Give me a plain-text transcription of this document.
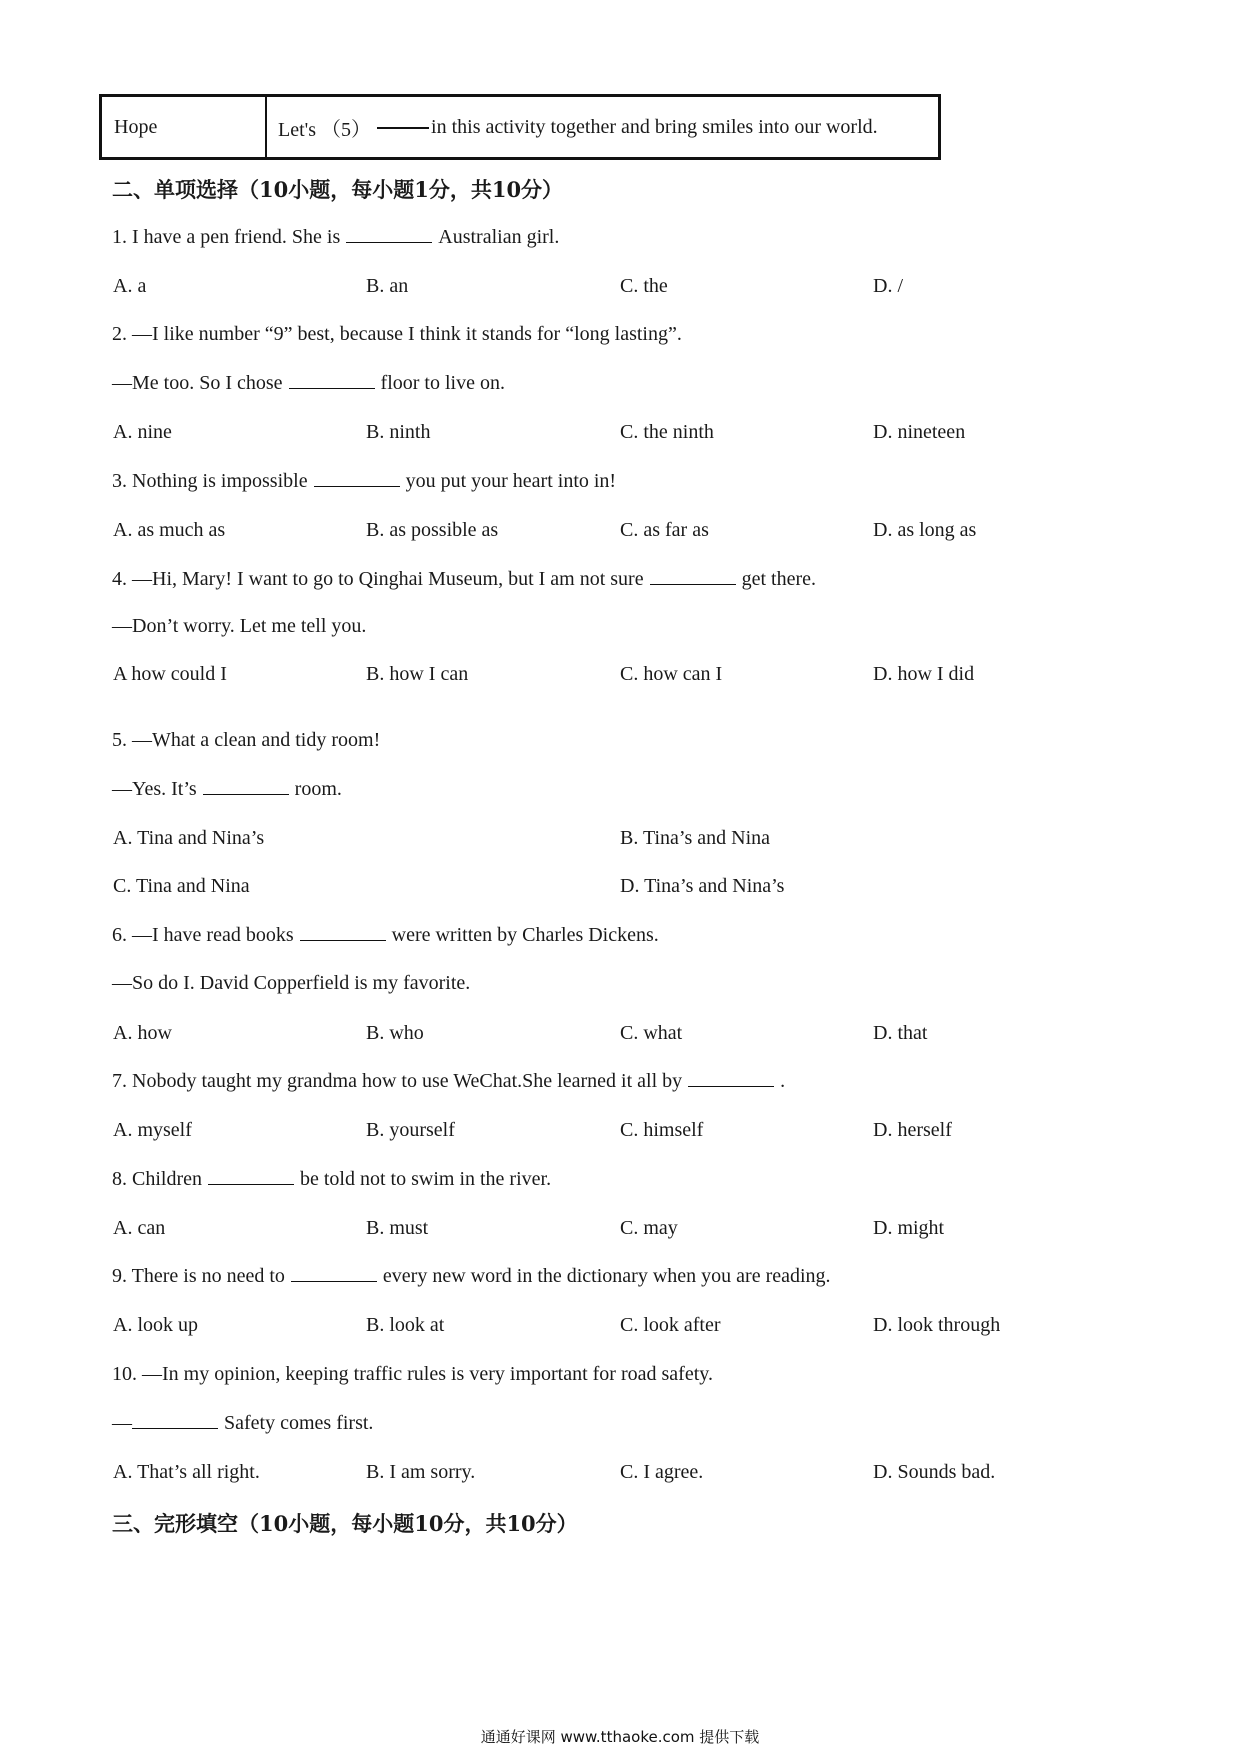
Hope	Let's （5）	in this activity together and bring smiles into our world.
二、单项选择（10小题，每小题1分，共10分）
1. I have a pen friend. She is	Australian girl.
A. a	B. an	C. the	D. /
2. —I like number “9” best, because I think it stands for “long lasting”.
—Me too. So I chose	floor to live on.
A. nine	B. ninth	C. the ninth	D. nineteen
3. Nothing is impossible	you put your heart into in!
A. as much as	B. as possible as	C. as far as	D. as long as
4. —Hi, Mary! I want to go to Qinghai Museum, but I am not sure	get there.
—Don’t worry. Let me tell you.
A how could I	B. how I can	C. how can I	D. how I did
5. —What a clean and tidy room!
—Yes. It’s	room.
A. Tina and Nina’s	B. Tina’s and Nina
C. Tina and Nina	D. Tina’s and Nina’s
6. —I have read books	were written by Charles Dickens.
—So do I. David Copperfield is my favorite.
A. how	B. who	C. what	D. that
7. Nobody taught my grandma how to use WeChat.She learned it all by	.
A. myself	B. yourself	C. himself	D. herself
8. Children	be told not to swim in the river.
A. can	B. must	C. may	D. might
9. There is no need to	every new word in the dictionary when you are reading.
A. look up	B. look at	C. look after	D. look through
10. —In my opinion, keeping traffic rules is very important for road safety.
—	Safety comes first.
A. That’s all right.	B. I am sorry.	C. I agree.	D. Sounds bad.
三、完形填空（10小题，每小题10分，共10分）
通通好课网 www.tthaoke.com 提供下载
